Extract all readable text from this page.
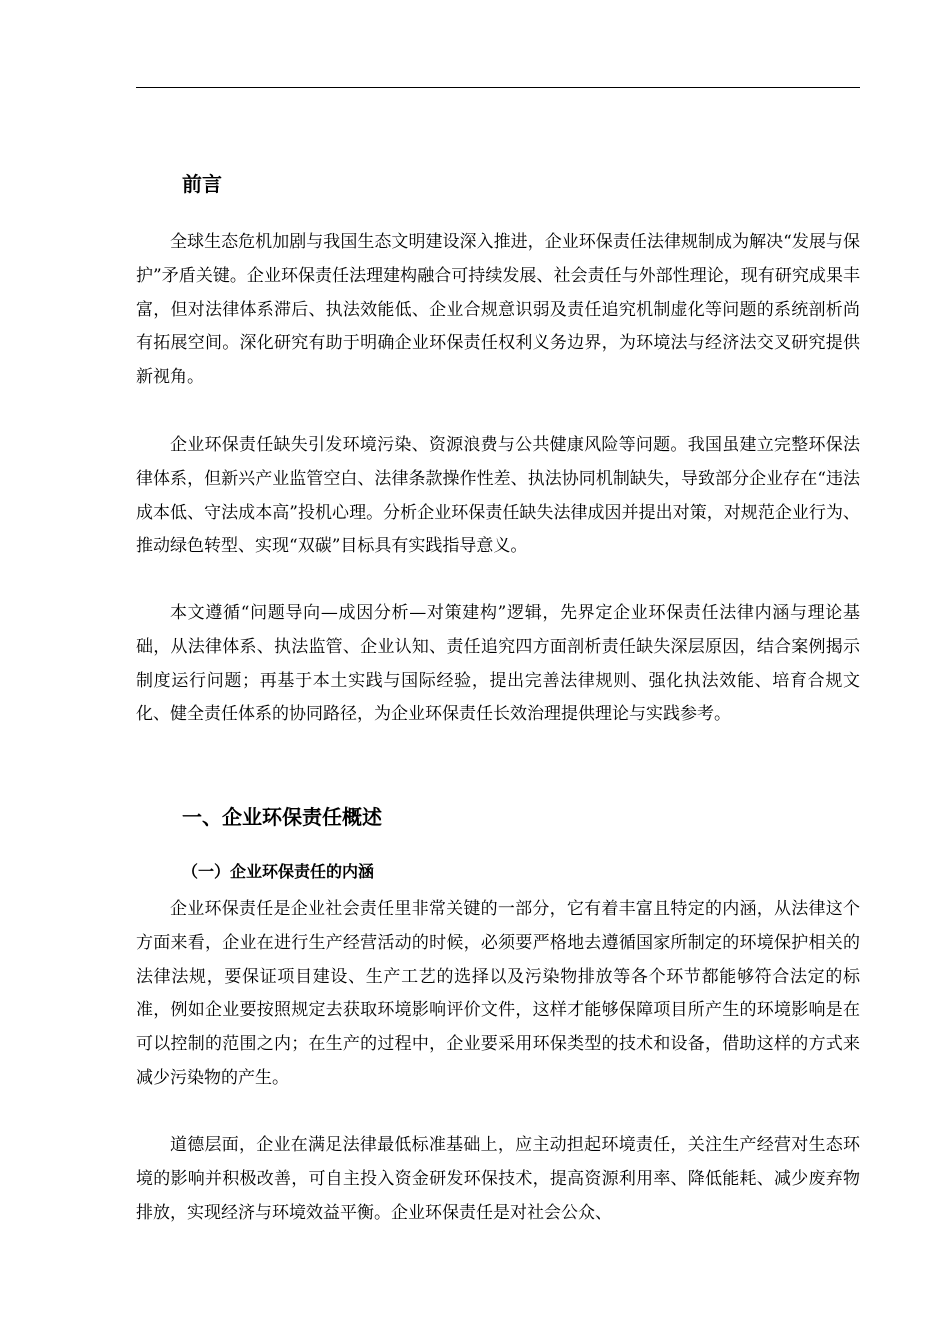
前言

全球生态危机加剧与我国生态文明建设深入推进，企业环保责任法律规制成为解决“发展与保护”矛盾关键。企业环保责任法理建构融合可持续发展、社会责任与外部性理论，现有研究成果丰富，但对法律体系滞后、执法效能低、企业合规意识弱及责任追究机制虚化等问题的系统剖析尚有拓展空间。深化研究有助于明确企业环保责任权利义务边界，为环境法与经济法交叉研究提供新视角。

企业环保责任缺失引发环境污染、资源浪费与公共健康风险等问题。我国虽建立完整环保法律体系，但新兴产业监管空白、法律条款操作性差、执法协同机制缺失，导致部分企业存在“违法成本低、守法成本高”投机心理。分析企业环保责任缺失法律成因并提出对策，对规范企业行为、推动绿色转型、实现“双碳”目标具有实践指导意义。

本文遵循“问题导向—成因分析—对策建构”逻辑，先界定企业环保责任法律内涵与理论基础，从法律体系、执法监管、企业认知、责任追究四方面剖析责任缺失深层原因，结合案例揭示制度运行问题；再基于本土实践与国际经验，提出完善法律规则、强化执法效能、培育合规文化、健全责任体系的协同路径，为企业环保责任长效治理提供理论与实践参考。

一、企业环保责任概述
（一）企业环保责任的内涵

企业环保责任是企业社会责任里非常关键的一部分，它有着丰富且特定的内涵，从法律这个方面来看，企业在进行生产经营活动的时候，必须要严格地去遵循国家所制定的环境保护相关的法律法规，要保证项目建设、生产工艺的选择以及污染物排放等各个环节都能够符合法定的标准，例如企业要按照规定去获取环境影响评价文件，这样才能够保障项目所产生的环境影响是在可以控制的范围之内；在生产的过程中，企业要采用环保类型的技术和设备，借助这样的方式来减少污染物的产生。

道德层面，企业在满足法律最低标准基础上，应主动担起环境责任，关注生产经营对生态环境的影响并积极改善，可自主投入资金研发环保技术，提高资源利用率、降低能耗、减少废弃物排放，实现经济与环境效益平衡。企业环保责任是对社会公众、
